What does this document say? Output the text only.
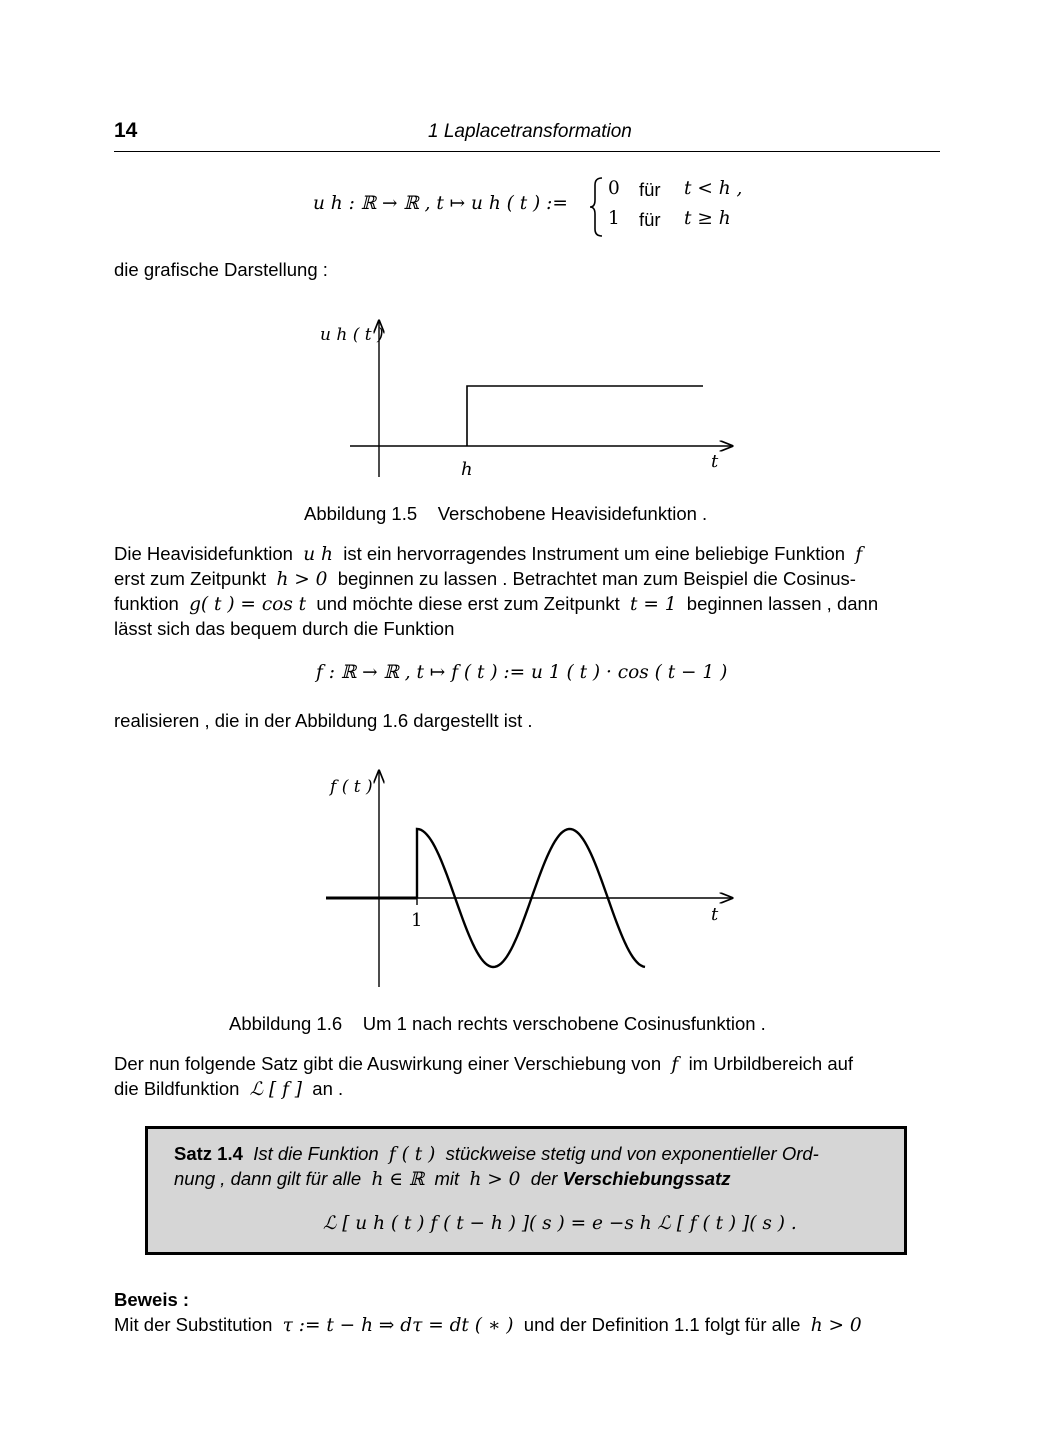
14	1 Laplacetransformation
u h : ℝ → ℝ , t ↦ u h ( t ) :=
0 für t < h ,
1 für t ≥ h
die grafische Darstellung :
u h ( t )
h	t
Abbildung 1.5 Verschobene Heavisidefunktion .
Die Heavisidefunktion u h ist ein hervorragendes Instrument um eine beliebige Funktion f
erst zum Zeitpunkt h > 0 beginnen zu lassen . Betrachtet man zum Beispiel die Cosinus-
funktion g( t ) = cos t und möchte diese erst zum Zeitpunkt t = 1 beginnen lassen , dann
lässt sich das bequem durch die Funktion
f : ℝ → ℝ , t ↦ f ( t ) := u 1 ( t ) · cos ( t − 1 )
realisieren , die in der Abbildung 1.6 dargestellt ist .
f ( t )
1	t
Abbildung 1.6 Um 1 nach rechts verschobene Cosinusfunktion .
Der nun folgende Satz gibt die Auswirkung einer Verschiebung von f im Urbildbereich auf
die Bildfunktion ℒ [ f ] an .
Satz 1.4 Ist die Funktion f ( t ) stückweise stetig und von exponentieller Ord-
nung , dann gilt für alle h ∈ ℝ mit h > 0 der Verschiebungssatz
ℒ [ u h ( t ) f ( t − h ) ]( s ) = e −s h ℒ [ f ( t ) ]( s ) .
Beweis :
Mit der Substitution τ := t − h ⇒ dτ = dt ( ∗ ) und der Definition 1.1 folgt für alle h > 0
